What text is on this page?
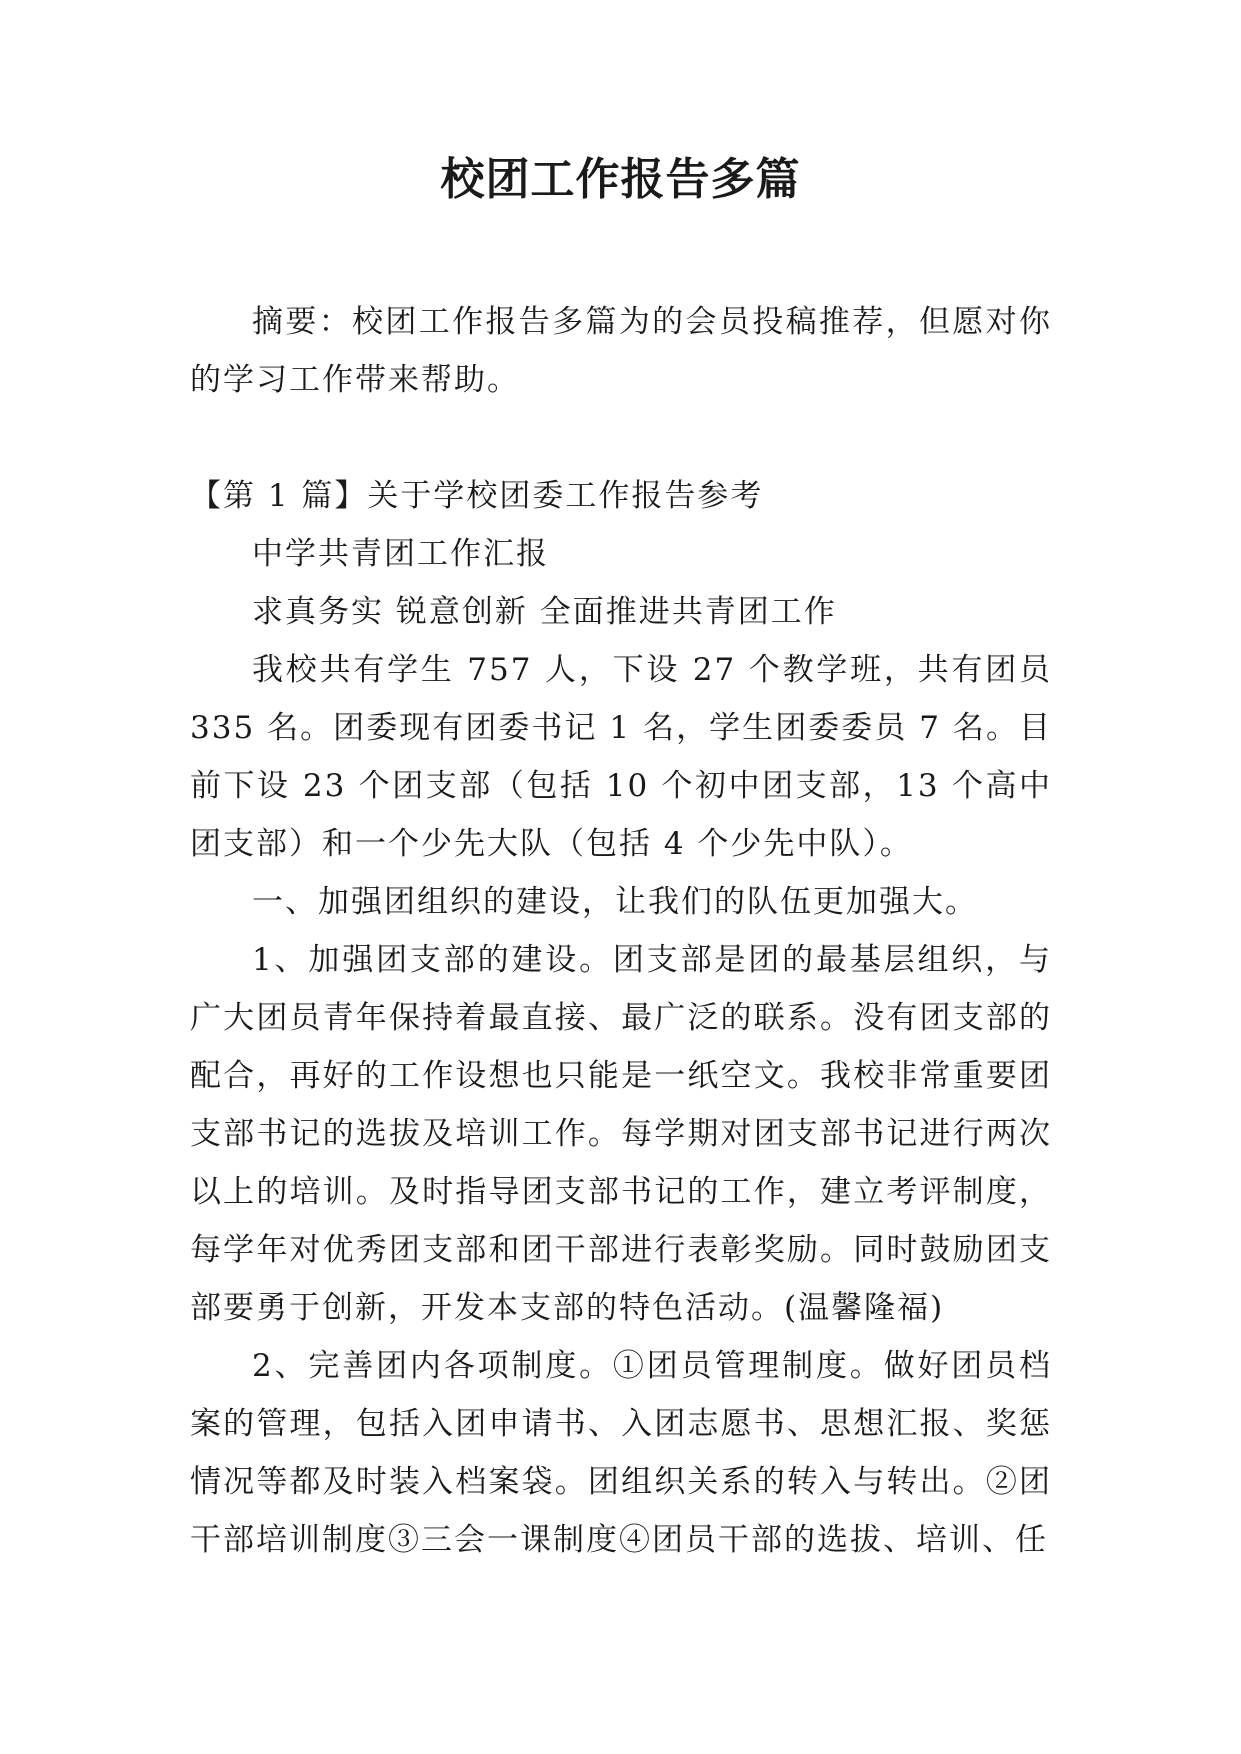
校团工作报告多篇

摘要：校团工作报告多篇为的会员投稿推荐，但愿对你的学习工作带来帮助。

【第 1 篇】关于学校团委工作报告参考

中学共青团工作汇报

求真务实 锐意创新 全面推进共青团工作

我校共有学生 757 人，下设 27 个教学班，共有团员 335 名。团委现有团委书记 1 名，学生团委委员 7 名。目前下设 23 个团支部（包括 10 个初中团支部，13 个高中团支部）和一个少先大队（包括 4 个少先中队）。

一、加强团组织的建设，让我们的队伍更加强大。

1、加强团支部的建设。团支部是团的最基层组织，与广大团员青年保持着最直接、最广泛的联系。没有团支部的配合，再好的工作设想也只能是一纸空文。我校非常重要团支部书记的选拔及培训工作。每学期对团支部书记进行两次以上的培训。及时指导团支部书记的工作，建立考评制度，每学年对优秀团支部和团干部进行表彰奖励。同时鼓励团支部要勇于创新，开发本支部的特色活动。(温馨隆福)

2、完善团内各项制度。①团员管理制度。做好团员档案的管理，包括入团申请书、入团志愿书、思想汇报、奖惩情况等都及时装入档案袋。团组织关系的转入与转出。②团干部培训制度③三会一课制度④团员干部的选拔、培训、任
